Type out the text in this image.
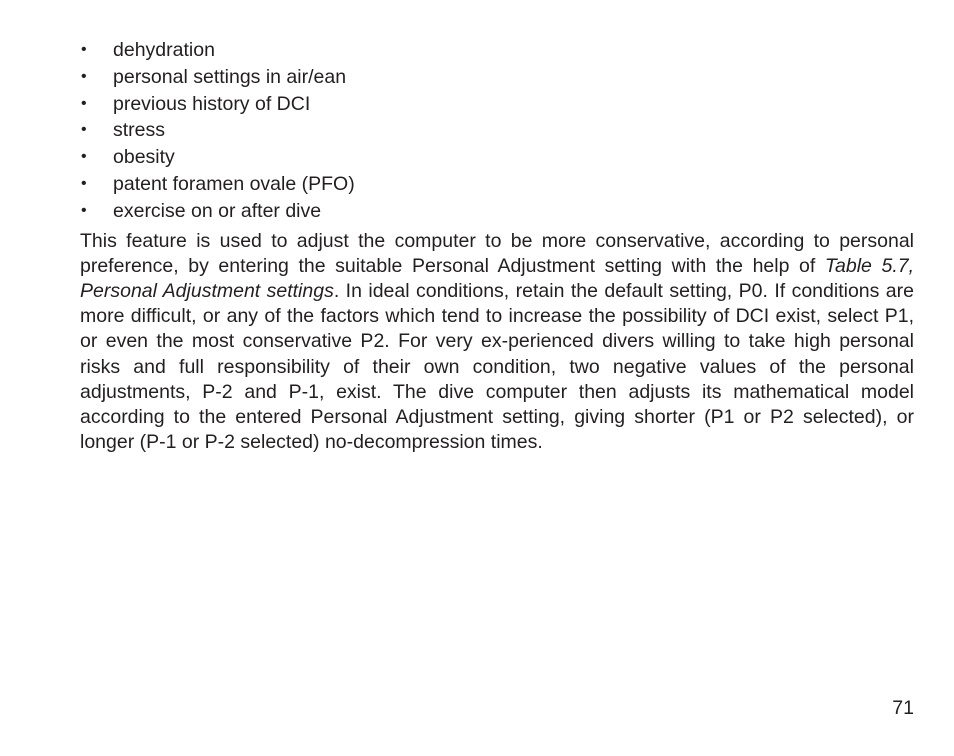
• dehydration
• personal settings in air/ean
• previous history of DCI
• stress
• obesity
• patent foramen ovale (PFO)
• exercise on or after dive

This feature is used to adjust the computer to be more conservative, according to personal preference, by entering the suitable Personal Adjustment setting with the help of Table 5.7, Personal Adjustment settings. In ideal conditions, retain the default setting, P0. If conditions are more difficult, or any of the factors which tend to increase the possibility of DCI exist, select P1, or even the most conservative P2. For very ex-perienced divers willing to take high personal risks and full responsibility of their own condition, two negative values of the personal adjustments, P-2 and P-1, exist. The dive computer then adjusts its mathematical model according to the entered Personal Adjustment setting, giving shorter (P1 or P2 selected), or longer (P-1 or P-2 selected) no-decompression times.

71
